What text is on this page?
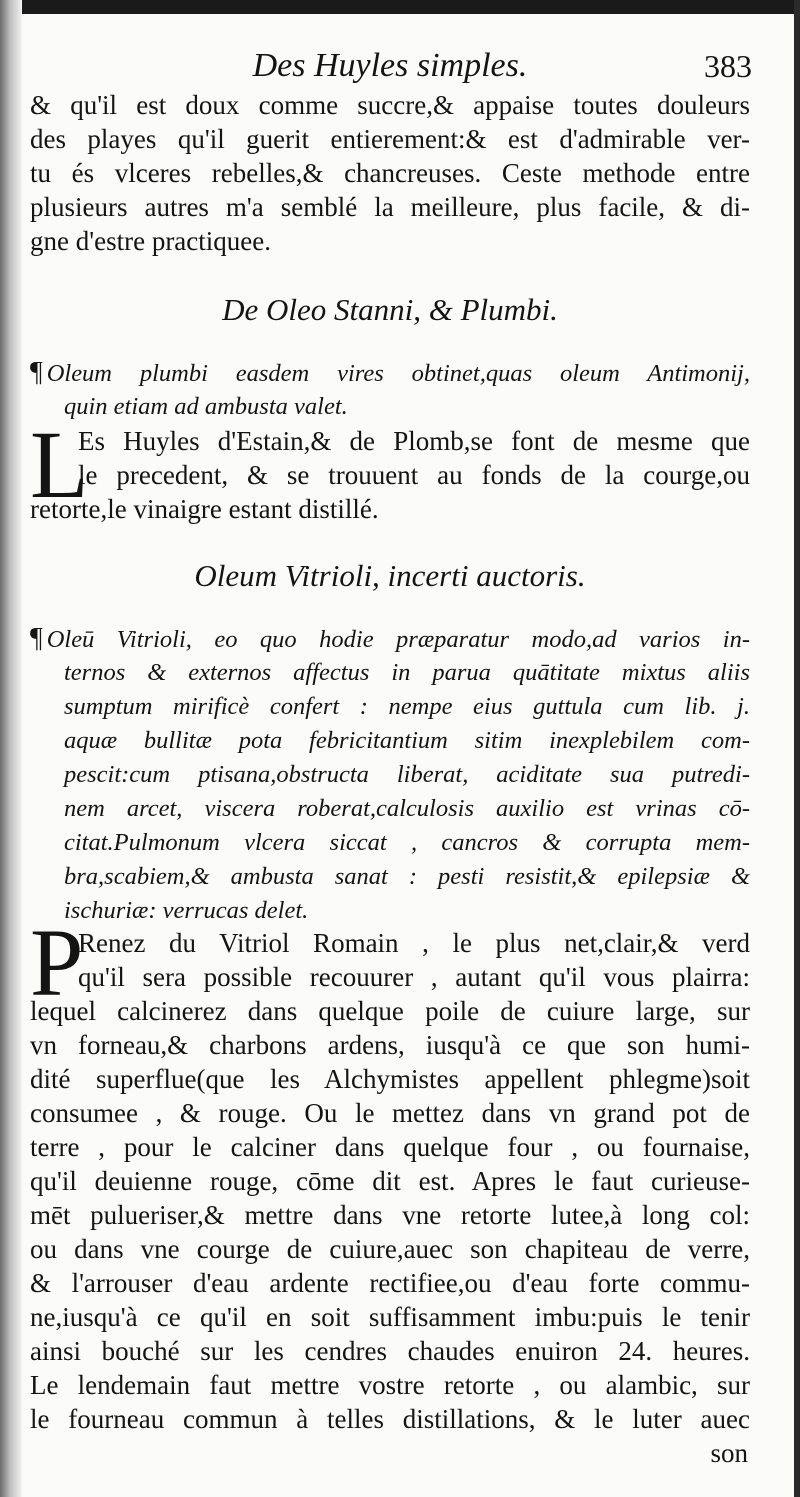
Des Huyles simples.	383
& qu'il est doux comme succre,& appaise toutes douleurs
des playes qu'il guerit entierement:& est d'admirable ver-
tu és vlceres rebelles,& chancreuses. Ceste methode entre
plusieurs autres m'a semblé la meilleure, plus facile, & di-
gne d'estre practiquee.
De Oleo Stanni, & Plumbi.
¶ Oleum plumbi easdem vires obtinet,quas oleum Antimonij,
quin etiam ad ambusta valet.
L
Es Huyles d'Estain,& de Plomb,se font de mesme que
le precedent, & se trouuent au fonds de la courge,ou
retorte,le vinaigre estant distillé.
Oleum Vitrioli, incerti auctoris.
¶ Oleū Vitrioli, eo quo hodie præparatur modo,ad varios in-
ternos & externos affectus in parua quātitate mixtus aliis
sumptum mirificè confert : nempe eius guttula cum lib. j.
aquæ bullitæ pota febricitantium sitim inexplebilem com-
pescit:cum ptisana,obstructa liberat, aciditate sua putredi-
nem arcet, viscera roberat,calculosis auxilio est vrinas cō-
citat.Pulmonum vlcera siccat , cancros & corrupta mem-
bra,scabiem,& ambusta sanat : pesti resistit,& epilepsiæ &
ischuriæ: verrucas delet.
P
Renez du Vitriol Romain , le plus net,clair,& verd
qu'il sera possible recouurer , autant qu'il vous plairra:
lequel calcinerez dans quelque poile de cuiure large, sur
vn forneau,& charbons ardens, iusqu'à ce que son humi-
dité superflue(que les Alchymistes appellent phlegme)soit
consumee , & rouge. Ou le mettez dans vn grand pot de
terre , pour le calciner dans quelque four , ou fournaise,
qu'il deuienne rouge, cōme dit est. Apres le faut curieuse-
mēt pulueriser,& mettre dans vne retorte lutee,à long col:
ou dans vne courge de cuiure,auec son chapiteau de verre,
& l'arrouser d'eau ardente rectifiee,ou d'eau forte commu-
ne,iusqu'à ce qu'il en soit suffisamment imbu:puis le tenir
ainsi bouché sur les cendres chaudes enuiron 24. heures.
Le lendemain faut mettre vostre retorte , ou alambic, sur
le fourneau commun à telles distillations, & le luter auec
son
